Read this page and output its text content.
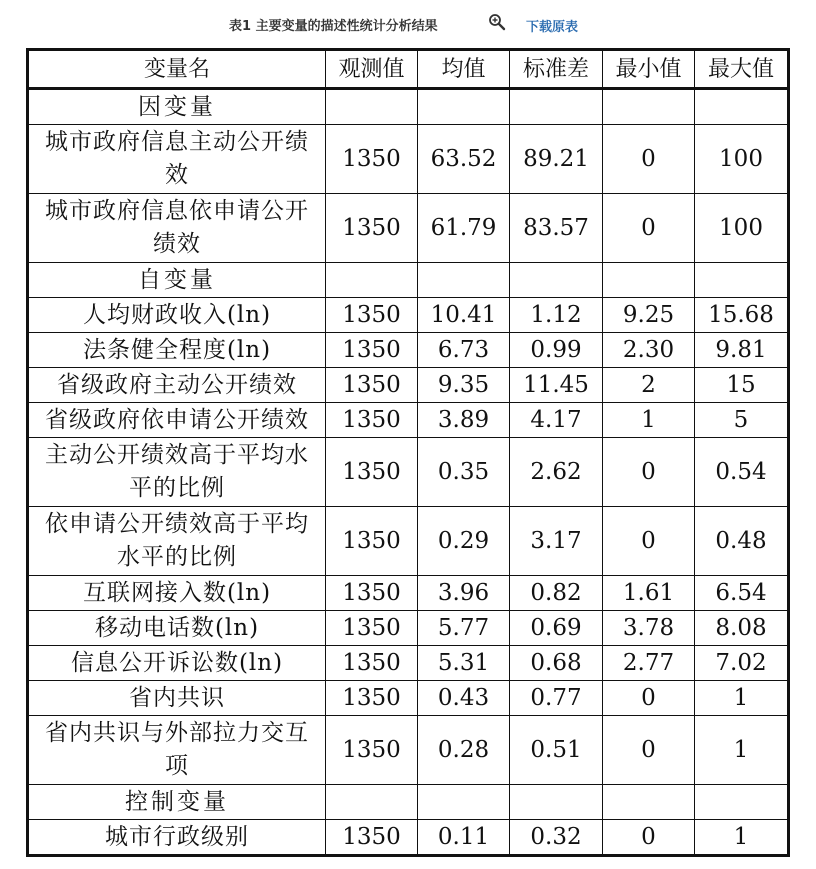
表1 主要变量的描述性统计分析结果	下载原表
变量名	观测值	均值	标准差	最小值	最大值
因变量					
城市政府信息主动公开绩效	1350	63.52	89.21	0	100
城市政府信息依申请公开绩效	1350	61.79	83.57	0	100
自变量					
人均财政收入(ln)	1350	10.41	1.12	9.25	15.68
法条健全程度(ln)	1350	6.73	0.99	2.30	9.81
省级政府主动公开绩效	1350	9.35	11.45	2	15
省级政府依申请公开绩效	1350	3.89	4.17	1	5
主动公开绩效高于平均水平的比例	1350	0.35	2.62	0	0.54
依申请公开绩效高于平均水平的比例	1350	0.29	3.17	0	0.48
互联网接入数(ln)	1350	3.96	0.82	1.61	6.54
移动电话数(ln)	1350	5.77	0.69	3.78	8.08
信息公开诉讼数(ln)	1350	5.31	0.68	2.77	7.02
省内共识	1350	0.43	0.77	0	1
省内共识与外部拉力交互项	1350	0.28	0.51	0	1
控制变量					
城市行政级别	1350	0.11	0.32	0	1
